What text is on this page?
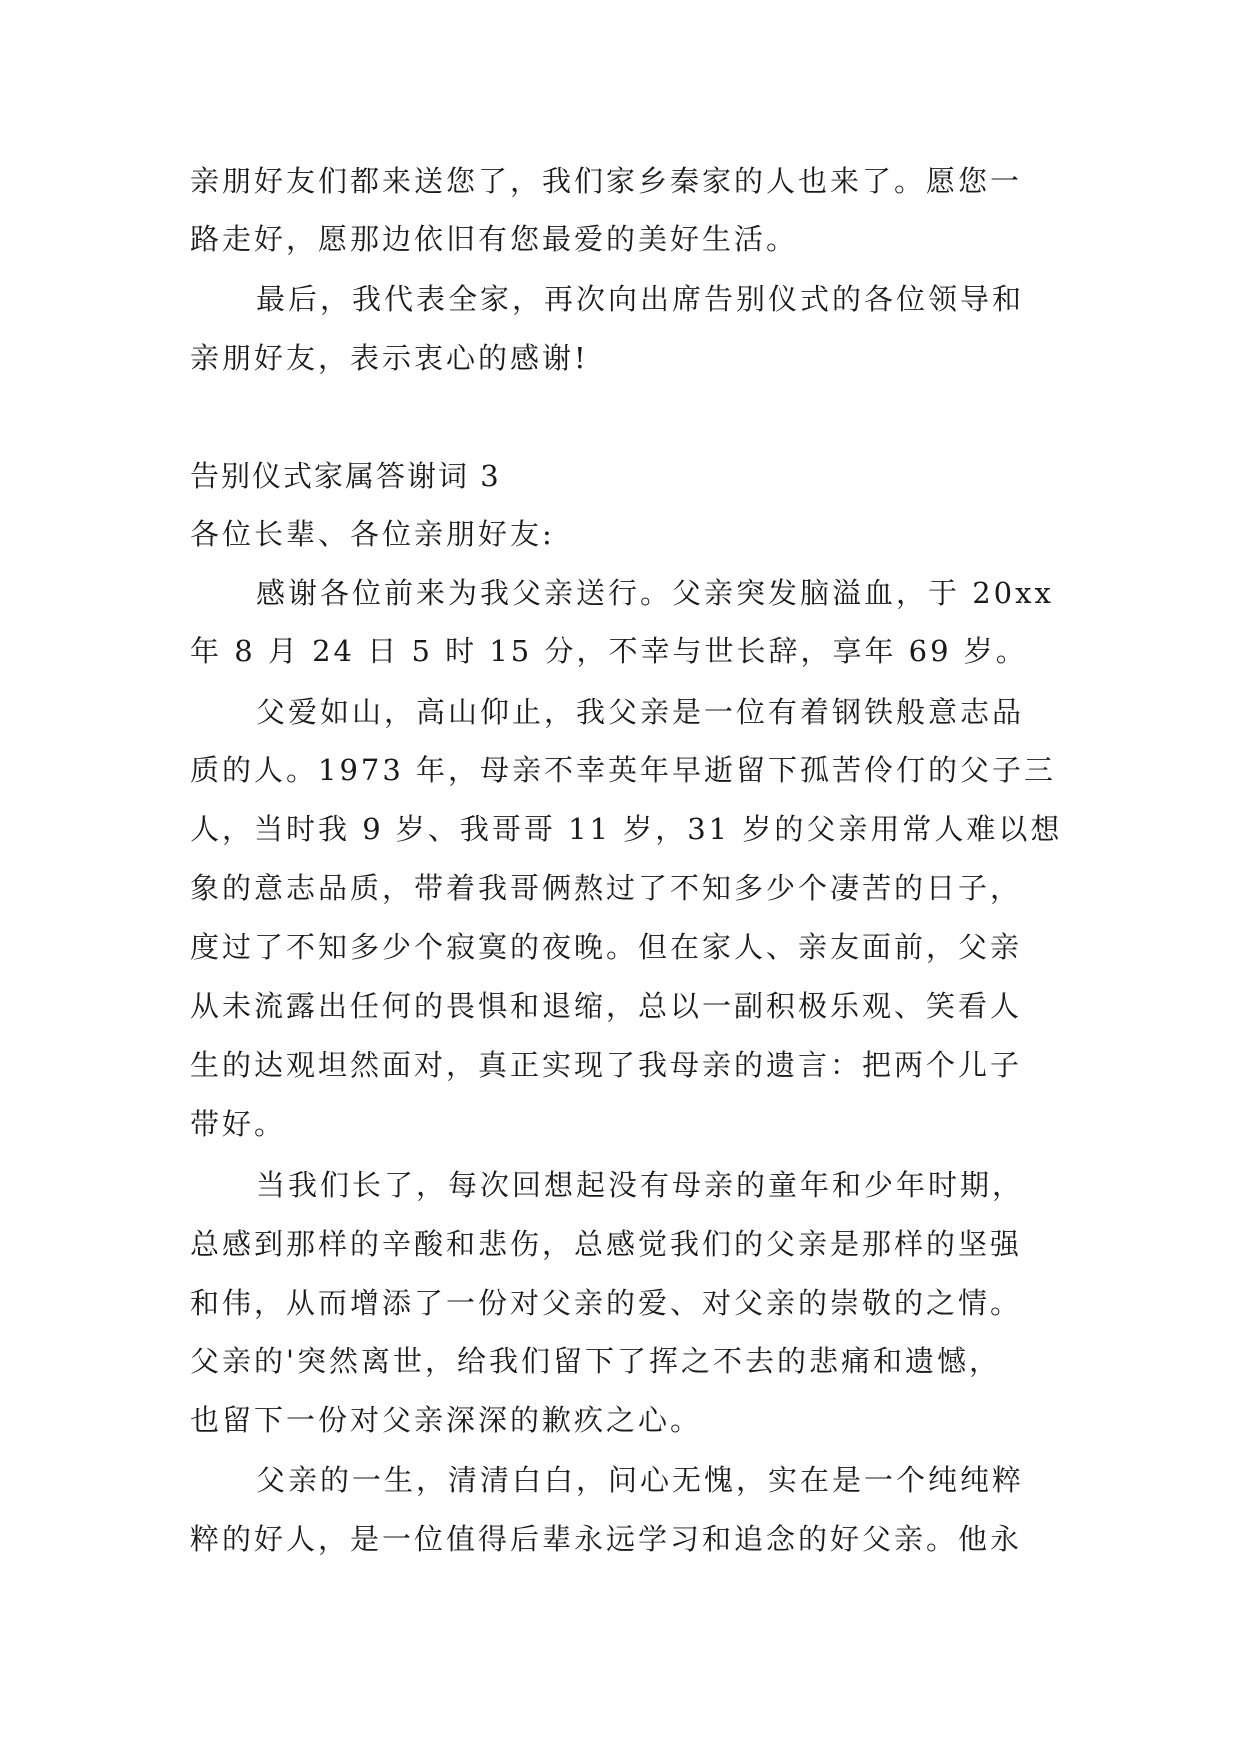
亲朋好友们都来送您了，我们家乡秦家的人也来了。愿您一
路走好，愿那边依旧有您最爱的美好生活。
最后，我代表全家，再次向出席告别仪式的各位领导和
亲朋好友，表示衷心的感谢!
告别仪式家属答谢词 3
各位长辈、各位亲朋好友:
感谢各位前来为我父亲送行。父亲突发脑溢血，于 20xx
年 8 月 24 日 5 时 15 分，不幸与世长辞，享年 69 岁。
父爱如山，高山仰止，我父亲是一位有着钢铁般意志品
质的人。1973 年，母亲不幸英年早逝留下孤苦伶仃的父子三
人，当时我 9 岁、我哥哥 11 岁，31 岁的父亲用常人难以想
象的意志品质，带着我哥俩熬过了不知多少个凄苦的日子，
度过了不知多少个寂寞的夜晚。但在家人、亲友面前，父亲
从未流露出任何的畏惧和退缩，总以一副积极乐观、笑看人
生的达观坦然面对，真正实现了我母亲的遗言：把两个儿子
带好。
当我们长了，每次回想起没有母亲的童年和少年时期，
总感到那样的辛酸和悲伤，总感觉我们的父亲是那样的坚强
和伟，从而增添了一份对父亲的爱、对父亲的崇敬的之情。
父亲的'突然离世，给我们留下了挥之不去的悲痛和遗憾，
也留下一份对父亲深深的歉疚之心。
父亲的一生，清清白白，问心无愧，实在是一个纯纯粹
粹的好人，是一位值得后辈永远学习和追念的好父亲。他永
